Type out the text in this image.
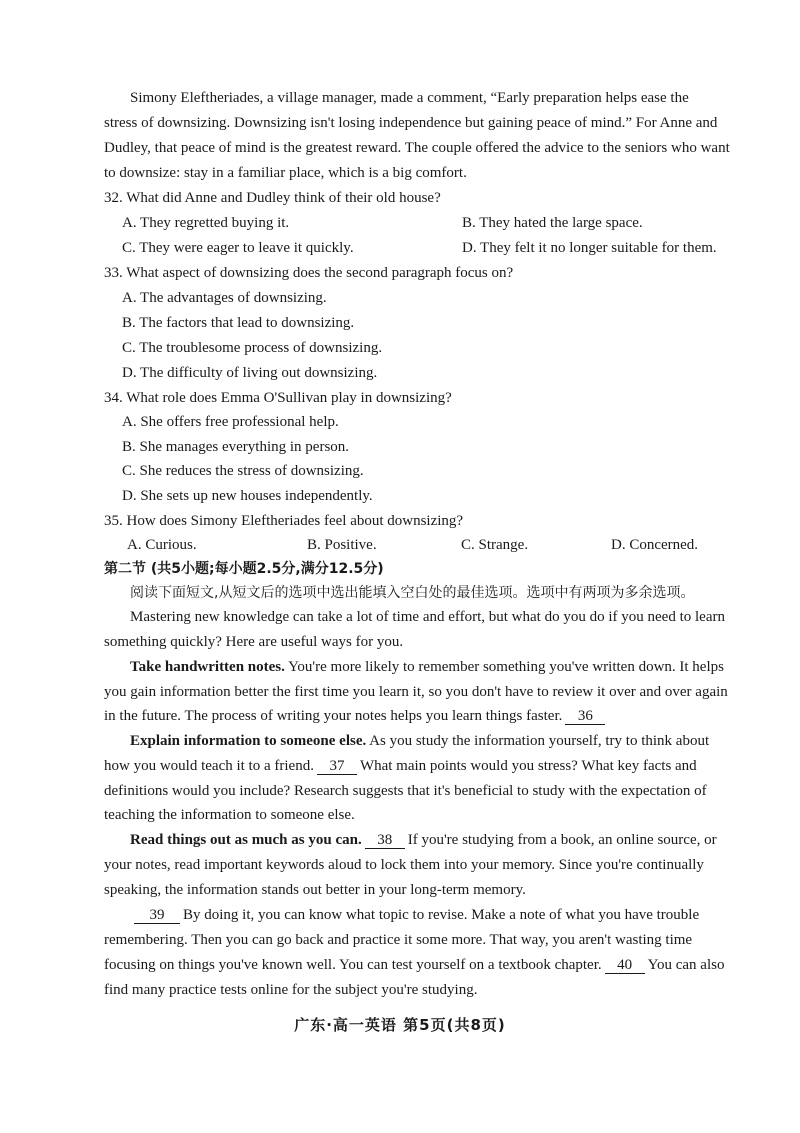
Simony Eleftheriades, a village manager, made a comment, “Early preparation helps ease the
stress of downsizing. Downsizing isn't losing independence but gaining peace of mind.” For Anne and
Dudley, that peace of mind is the greatest reward. The couple offered the advice to the seniors who want
to downsize: stay in a familiar place, which is a big comfort.
32. What did Anne and Dudley think of their old house?
A. They regretted buying it.	B. They hated the large space.
C. They were eager to leave it quickly.	D. They felt it no longer suitable for them.
33. What aspect of downsizing does the second paragraph focus on?
A. The advantages of downsizing.
B. The factors that lead to downsizing.
C. The troublesome process of downsizing.
D. The difficulty of living out downsizing.
34. What role does Emma O'Sullivan play in downsizing?
A. She offers free professional help.
B. She manages everything in person.
C. She reduces the stress of downsizing.
D. She sets up new houses independently.
35. How does Simony Eleftheriades feel about downsizing?
A. Curious.	B. Positive.	C. Strange.	D. Concerned.
第二节 (共5小题;每小题2.5分,满分12.5分)
阅读下面短文,从短文后的选项中选出能填入空白处的最佳选项。选项中有两项为多余选项。
Mastering new knowledge can take a lot of time and effort, but what do you do if you need to learn
something quickly? Here are useful ways for you.
Take handwritten notes. You're more likely to remember something you've written down. It helps
you gain information better the first time you learn it, so you don't have to review it over and over again
in the future. The process of writing your notes helps you learn things faster. 36
Explain information to someone else. As you study the information yourself, try to think about
how you would teach it to a friend. 37 What main points would you stress? What key facts and
definitions would you include? Research suggests that it's beneficial to study with the expectation of
teaching the information to someone else.
Read things out as much as you can. 38 If you're studying from a book, an online source, or
your notes, read important keywords aloud to lock them into your memory. Since you're continually
speaking, the information stands out better in your long-term memory.
39 By doing it, you can know what topic to revise. Make a note of what you have trouble
remembering. Then you can go back and practice it some more. That way, you aren't wasting time
focusing on things you've known well. You can test yourself on a textbook chapter. 40 You can also
find many practice tests online for the subject you're studying.
广东·高一英语 第5页(共8页)
